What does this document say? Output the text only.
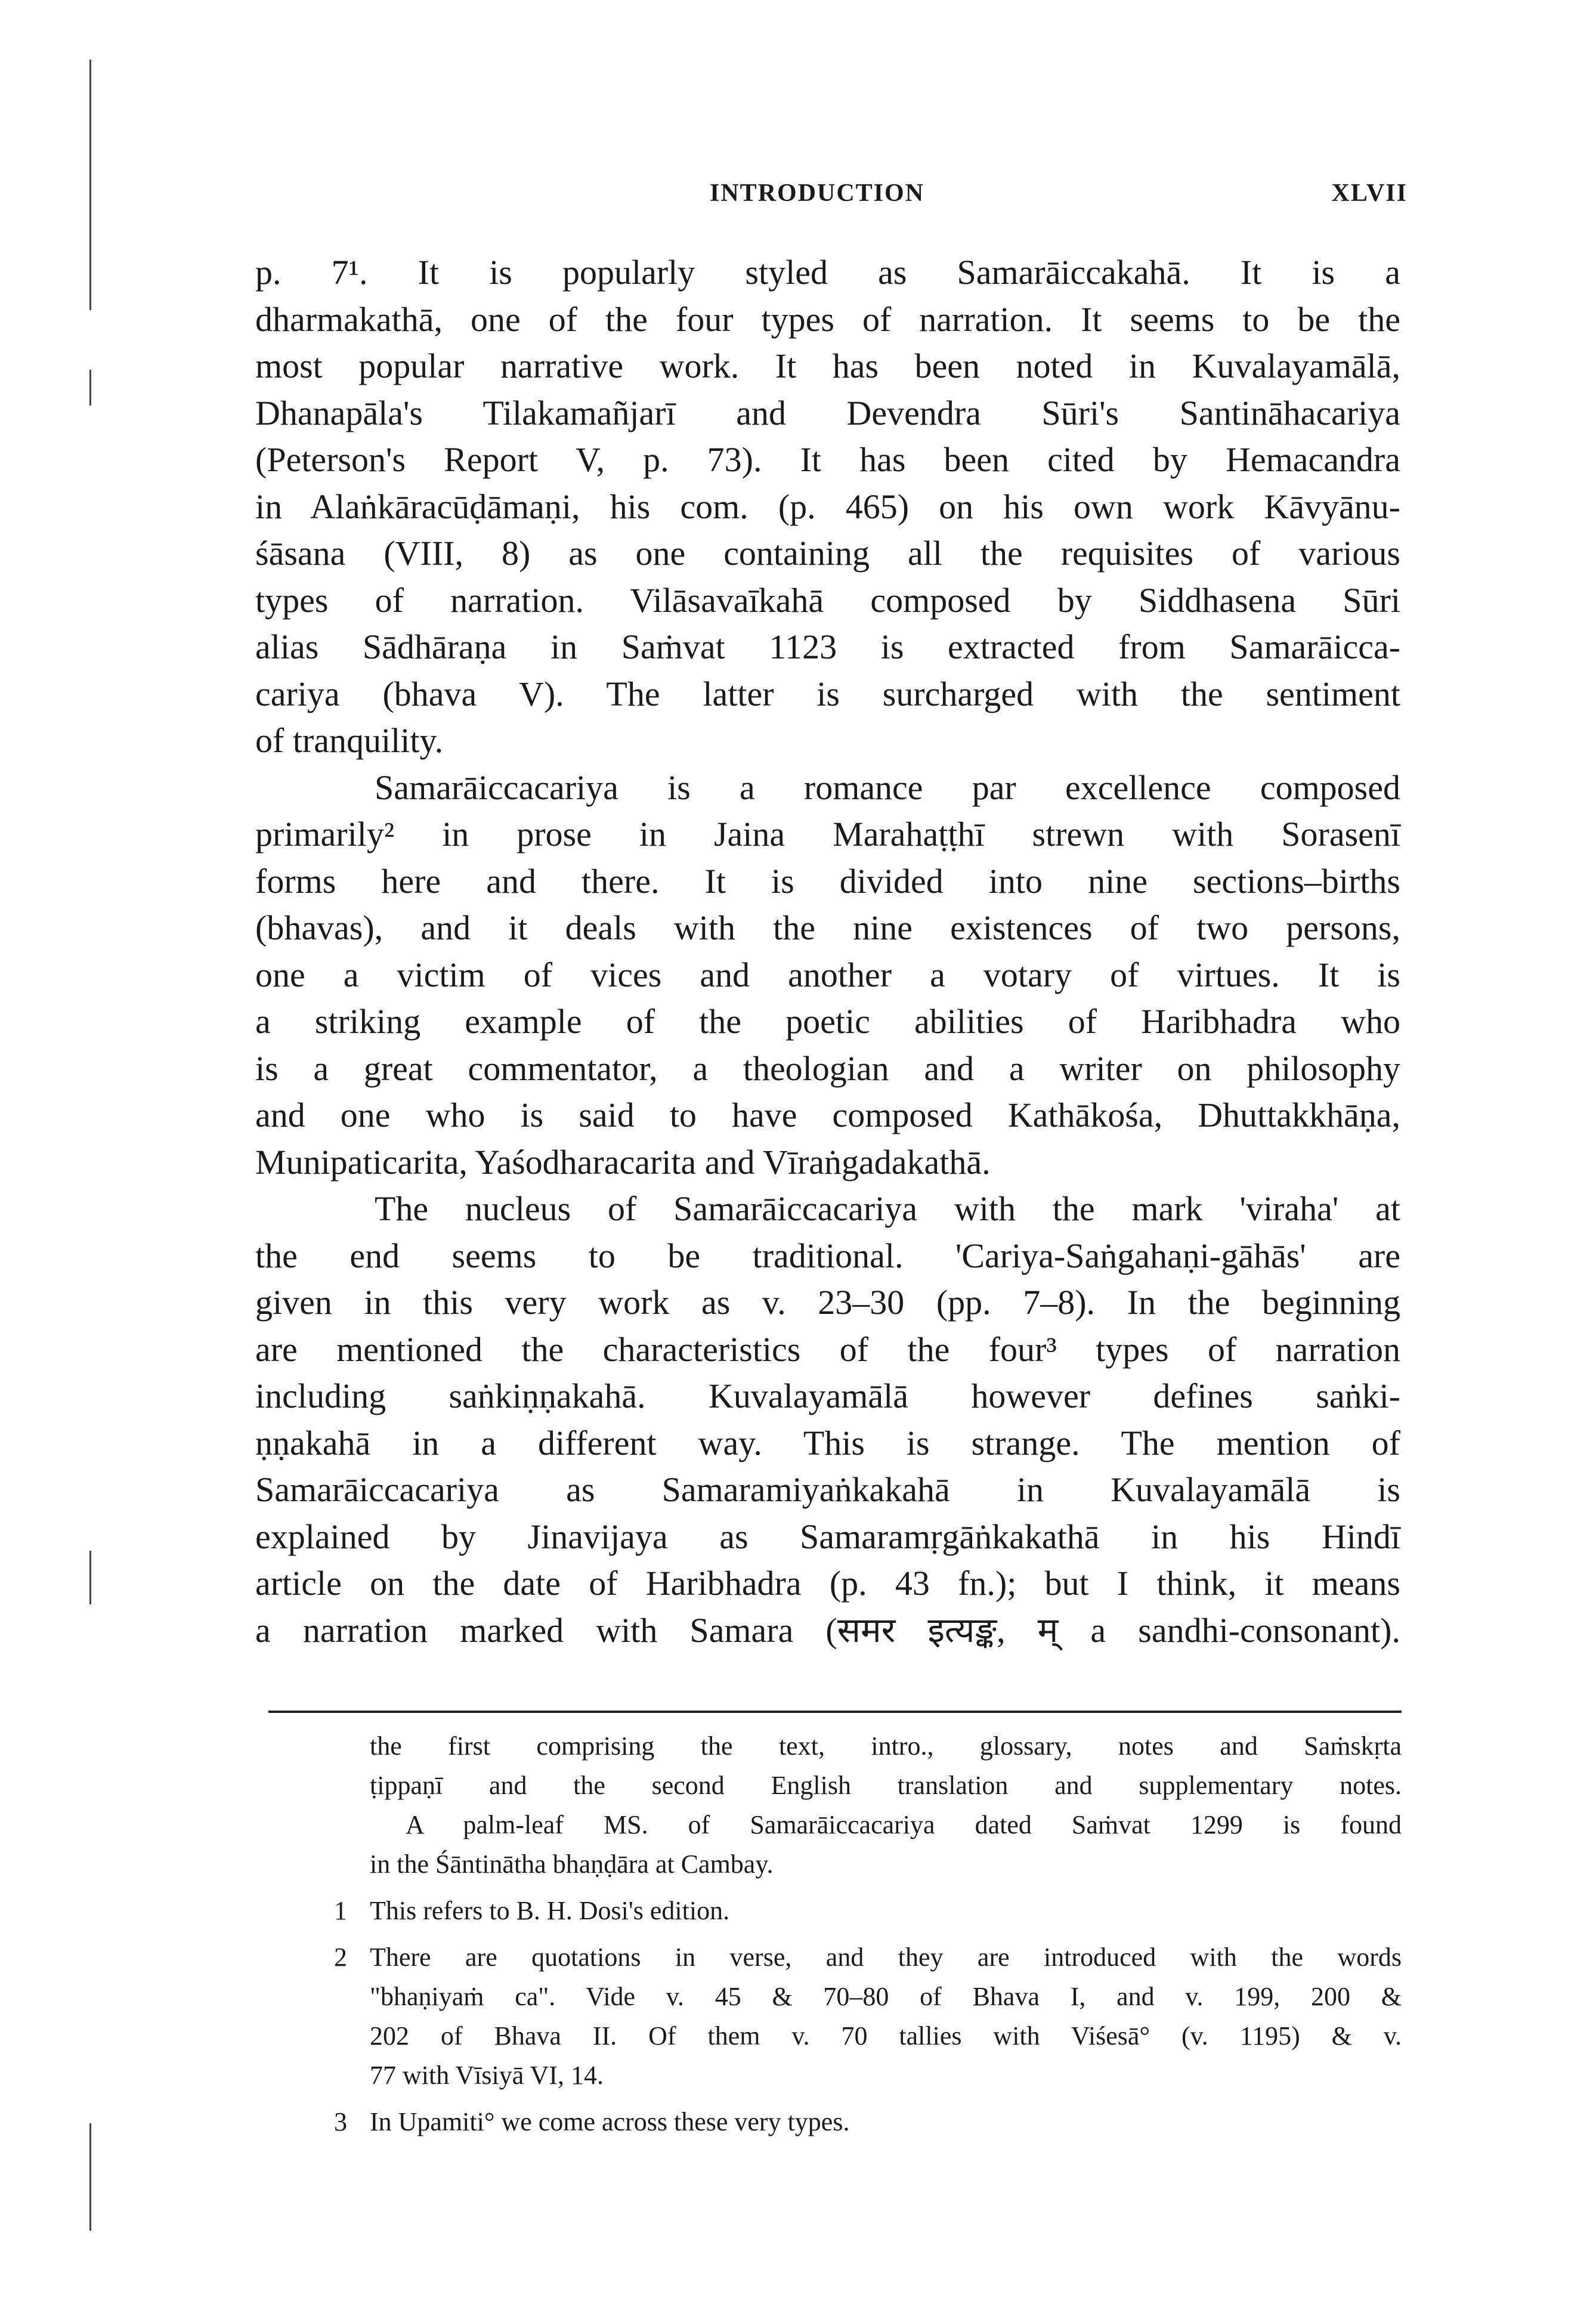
INTRODUCTION	XLVII
p. 7¹. It is popularly styled as Samarāiccakahā. It is a
dharmakathā, one of the four types of narration. It seems to be the
most popular narrative work. It has been noted in Kuvalayamālā,
Dhanapāla's Tilakamañjarī and Devendra Sūri's Santināhacariya
(Peterson's Report V, p. 73). It has been cited by Hemacandra
in Alaṅkāracūḍāmaṇi, his com. (p. 465) on his own work Kāvyānu-
śāsana (VIII, 8) as one containing all the requisites of various
types of narration. Vilāsavaīkahā composed by Siddhasena Sūri
alias Sādhāraṇa in Saṁvat 1123 is extracted from Samarāicca-
cariya (bhava V). The latter is surcharged with the sentiment
of tranquility.
Samarāiccacariya is a romance par excellence composed
primarily² in prose in Jaina Marahaṭṭhī strewn with Sorasenī
forms here and there. It is divided into nine sections–births
(bhavas), and it deals with the nine existences of two persons,
one a victim of vices and another a votary of virtues. It is
a striking example of the poetic abilities of Haribhadra who
is a great commentator, a theologian and a writer on philosophy
and one who is said to have composed Kathākośa, Dhuttakkhāṇa,
Munipaticarita, Yaśodharacarita and Vīraṅgadakathā.
The nucleus of Samarāiccacariya with the mark 'viraha' at
the end seems to be traditional. 'Cariya-Saṅgahaṇi-gāhās' are
given in this very work as v. 23–30 (pp. 7–8). In the beginning
are mentioned the characteristics of the four³ types of narration
including saṅkiṇṇakahā. Kuvalayamālā however defines saṅki-
ṇṇakahā in a different way. This is strange. The mention of
Samarāiccacariya as Samaramiyaṅkakahā in Kuvalayamālā is
explained by Jinavijaya as Samaramṛgāṅkakathā in his Hindī
article on the date of Haribhadra (p. 43 fn.); but I think, it means
a narration marked with Samara (समर इत्यङ्क, म् a sandhi-consonant).
the first comprising the text, intro., glossary, notes and Saṁskṛta
ṭippaṇī and the second English translation and supplementary notes.
A palm-leaf MS. of Samarāiccacariya dated Saṁvat 1299 is found
in the Śāntinātha bhaṇḍāra at Cambay.
1 This refers to B. H. Dosi's edition.
2 There are quotations in verse, and they are introduced with the words
"bhaṇiyaṁ ca". Vide v. 45 & 70–80 of Bhava I, and v. 199, 200 &
202 of Bhava II. Of them v. 70 tallies with Viśesā° (v. 1195) & v.
77 with Vīsiyā VI, 14.
3 In Upamiti° we come across these very types.
